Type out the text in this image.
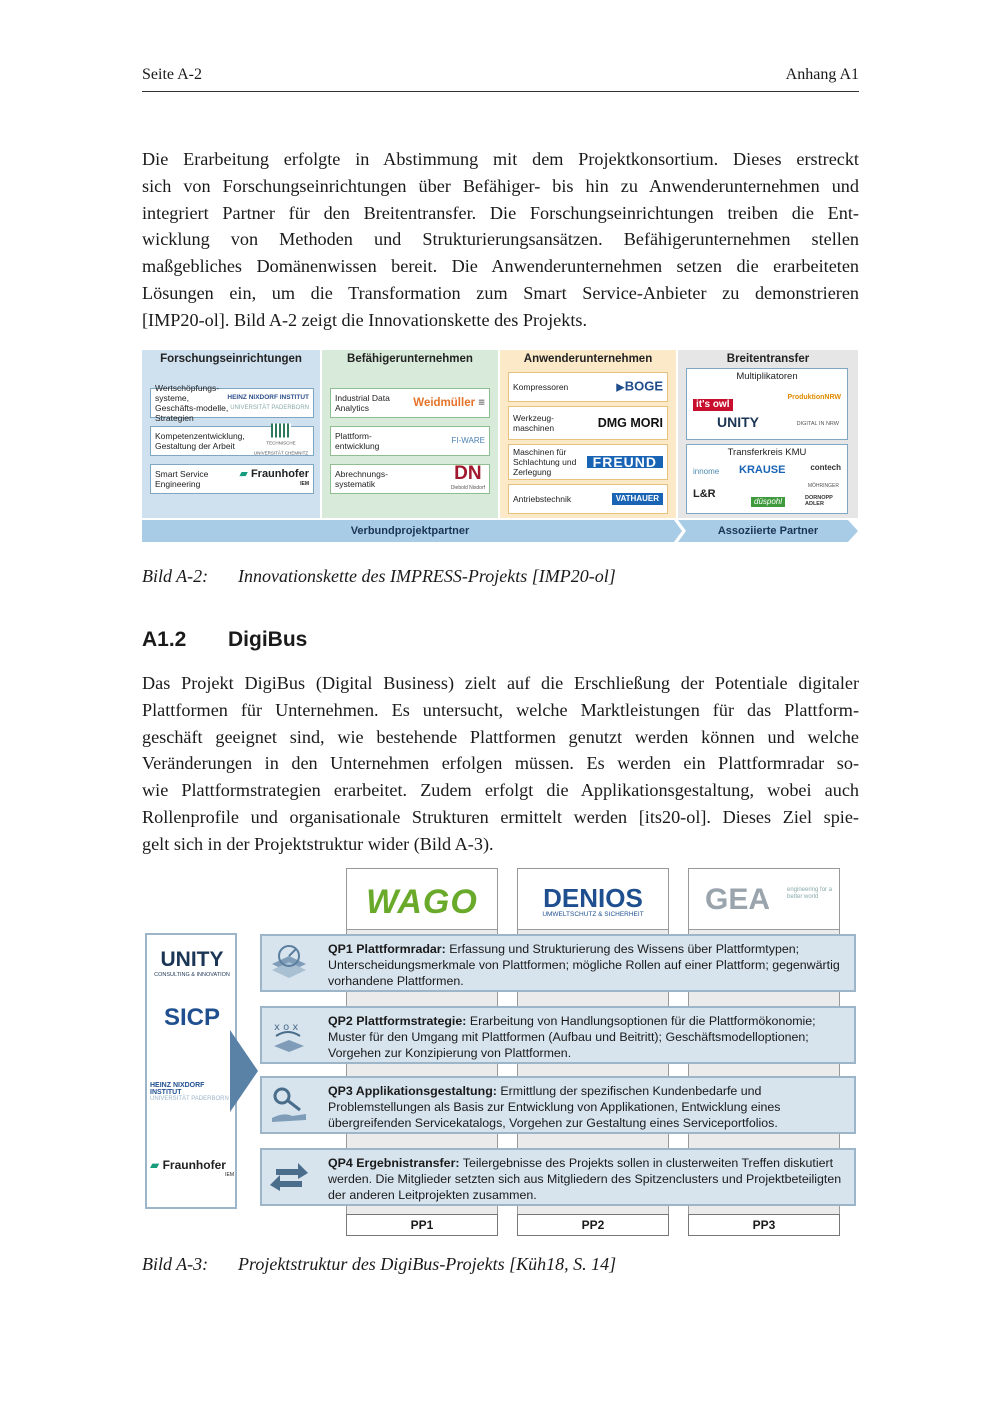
Seite A-2	Anhang A1
Die Erarbeitung erfolgte in Abstimmung mit dem Projektkonsortium. Dieses erstreckt
sich von Forschungseinrichtungen über Befähiger- bis hin zu Anwenderunternehmen und
integriert Partner für den Breitentransfer. Die Forschungseinrichtungen treiben die Ent-
wicklung von Methoden und Strukturierungsansätzen. Befähigerunternehmen stellen
maßgebliches Domänenwissen bereit. Die Anwenderunternehmen setzen die erarbeiteten
Lösungen ein, um die Transformation zum Smart Service-Anbieter zu demonstrieren
[IMP20-ol]. Bild A-2 zeigt die Innovationskette des Projekts.
Forschungseinrichtungen
Wertschöpfungs-systeme, Geschäfts-modelle, Strategien
HEINZ NIXDORF INSTITUT
UNIVERSITÄT PADERBORN
Kompetenzentwicklung, Gestaltung der Arbeit	TECHNISCHE UNIVERSITÄT CHEMNITZ
Smart Service Engineering
▰ Fraunhofer
IEM
Befähigerunternehmen
Industrial Data Analytics	Weidmüller ≡
Plattform-entwicklung
FI-WARE
Abrechnungs-systematik	DN
Diebold Nixdorf
Anwenderunternehmen
Kompressoren	▶BOGE
Werkzeug-maschinen	DMG MORI
Maschinen für Schlachtung und Zerlegung
FREUND
Antriebstechnik	VATHAUER
Breitentransfer
Multiplikatoren
it's owl
ProduktionNRW
UNITY	DIGITAL IN NRW
Transferkreis KMU
innome KRAUSE	contech
L&R
düspohl
MÖHRINGER
DORNOPP ADLER
Verbundprojektpartner	Assoziierte Partner
Bild A-2: Innovationskette des IMPRESS-Projekts [IMP20-ol]
A1.2 DigiBus
Das Projekt DigiBus (Digital Business) zielt auf die Erschließung der Potentiale digitaler
Plattformen für Unternehmen. Es untersucht, welche Marktleistungen für das Plattform-
geschäft geeignet sind, wie bestehende Plattformen genutzt werden können und welche
Veränderungen in den Unternehmen erfolgen müssen. Es werden ein Plattformradar so-
wie Plattformstrategien erarbeitet. Zudem erfolgt die Applikationsgestaltung, wobei auch
Rollenprofile und organisationale Strukturen ermittelt werden [its20-ol]. Dieses Ziel spie-
gelt sich in der Projektstruktur wider (Bild A-3).
WAGO	DENIOS
UMWELTSCHUTZ & SICHERHEIT	GEA	engineering for a better world
UNITY
CONSULTING & INNOVATION
SICP
HEINZ NIXDORF INSTITUT
UNIVERSITÄT PADERBORN
▰ Fraunhofer
IEM
QP1 Plattformradar: Erfassung und Strukturierung des Wissens über Plattformtypen; Unterscheidungsmerkmale von Plattformen; mögliche Rollen auf einer Plattform; gegenwärtig vorhandene Plattformen.
x o x QP2 Plattformstrategie: Erarbeitung von Handlungsoptionen für die Plattformökonomie; Muster für den Umgang mit Plattformen (Aufbau und Beitritt); Geschäftsmodelloptionen; Vorgehen zur Konzipierung von Plattformen.
QP3 Applikationsgestaltung: Ermittlung der spezifischen Kundenbedarfe und Problemstellungen als Basis zur Entwicklung von Applikationen, Entwicklung eines übergreifenden Servicekatalogs, Vorgehen zur Gestaltung eines Serviceportfolios.
QP4 Ergebnistransfer: Teilergebnisse des Projekts sollen in clusterweiten Treffen diskutiert werden. Die Mitglieder setzten sich aus Mitgliedern des Spitzenclusters und Projektbeteiligten der anderen Leitprojekten zusammen.
PP1	PP2	PP3
Bild A-3: Projektstruktur des DigiBus-Projekts [Küh18, S. 14]
